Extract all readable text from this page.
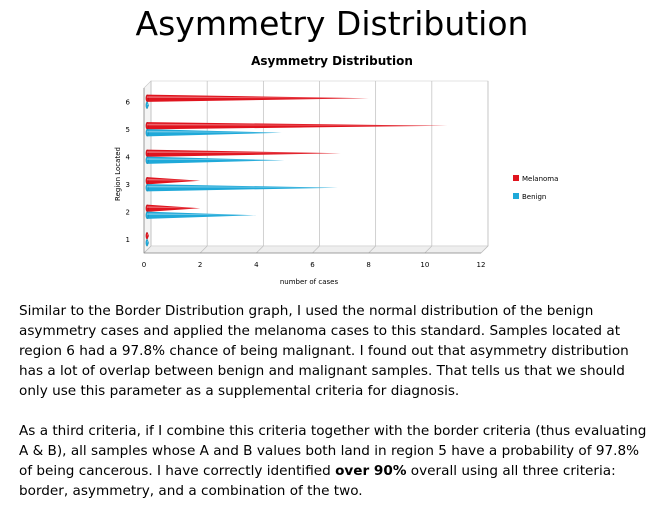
Asymmetry Distribution
Asymmetry Distribution
0	2	4	6	8	10	12
1
2
3
4
5
6
number of cases
Region Located	Melanoma
Benign
Similar to the Border Distribution graph, I used the normal distribution of the benign asymmetry cases and applied the melanoma cases to this standard. Samples located at region 6 had a 97.8% chance of being malignant. I found out that asymmetry distribution has a lot of overlap between benign and malignant samples. That tells us that we should only use this parameter as a supplemental criteria for diagnosis.
As a third criteria, if I combine this criteria together with the border criteria (thus evaluating A & B), all samples whose A and B values both land in region 5 have a probability of 97.8% of being cancerous. I have correctly identified over 90% overall using all three criteria: border, asymmetry, and a combination of the two.
